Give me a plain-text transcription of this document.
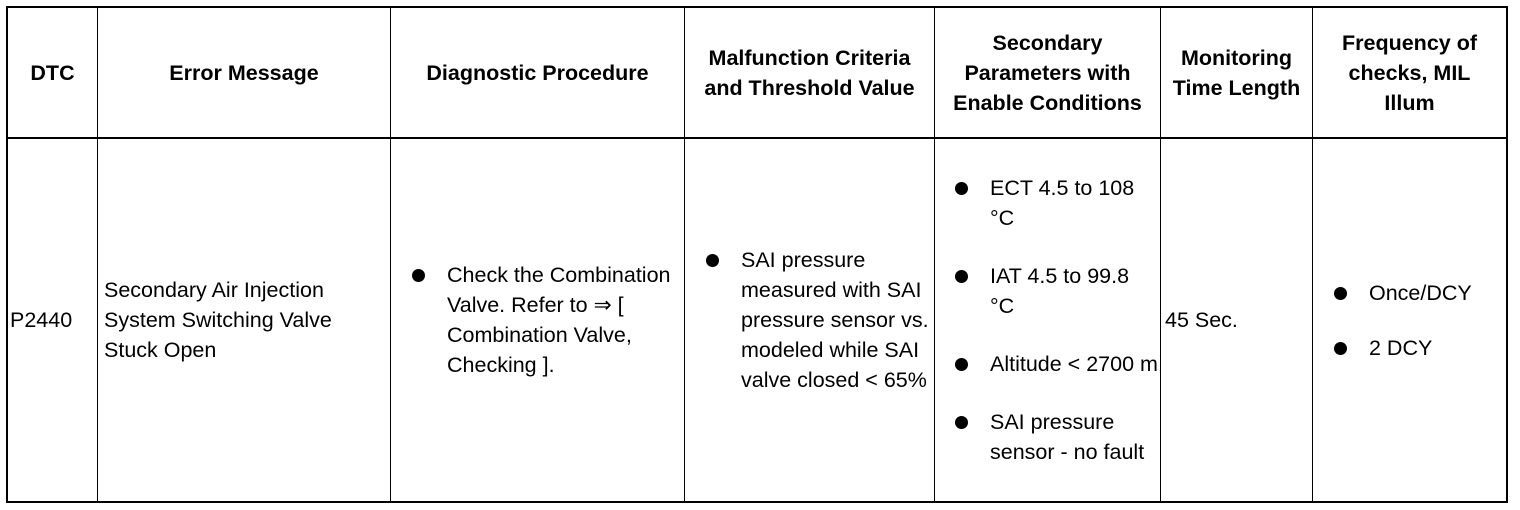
DTC	Error Message	Diagnostic Procedure
Malfunction Criteria and Threshold Value
Secondary Parameters with Enable Conditions
Monitoring Time Length
Frequency of checks, MIL Illum
P2440
Secondary Air Injection System Switching Valve Stuck Open
Check the Combination Valve. Refer to ⇒ [ Combination Valve, Checking ].
SAI pressure measured with SAI pressure sensor vs. modeled while SAI valve closed < 65%
ECT 4.5 to 108 °C
IAT 4.5 to 99.8 °C
Altitude < 2700 m
SAI pressure sensor - no fault
45 Sec.
Once/DCY
2 DCY
